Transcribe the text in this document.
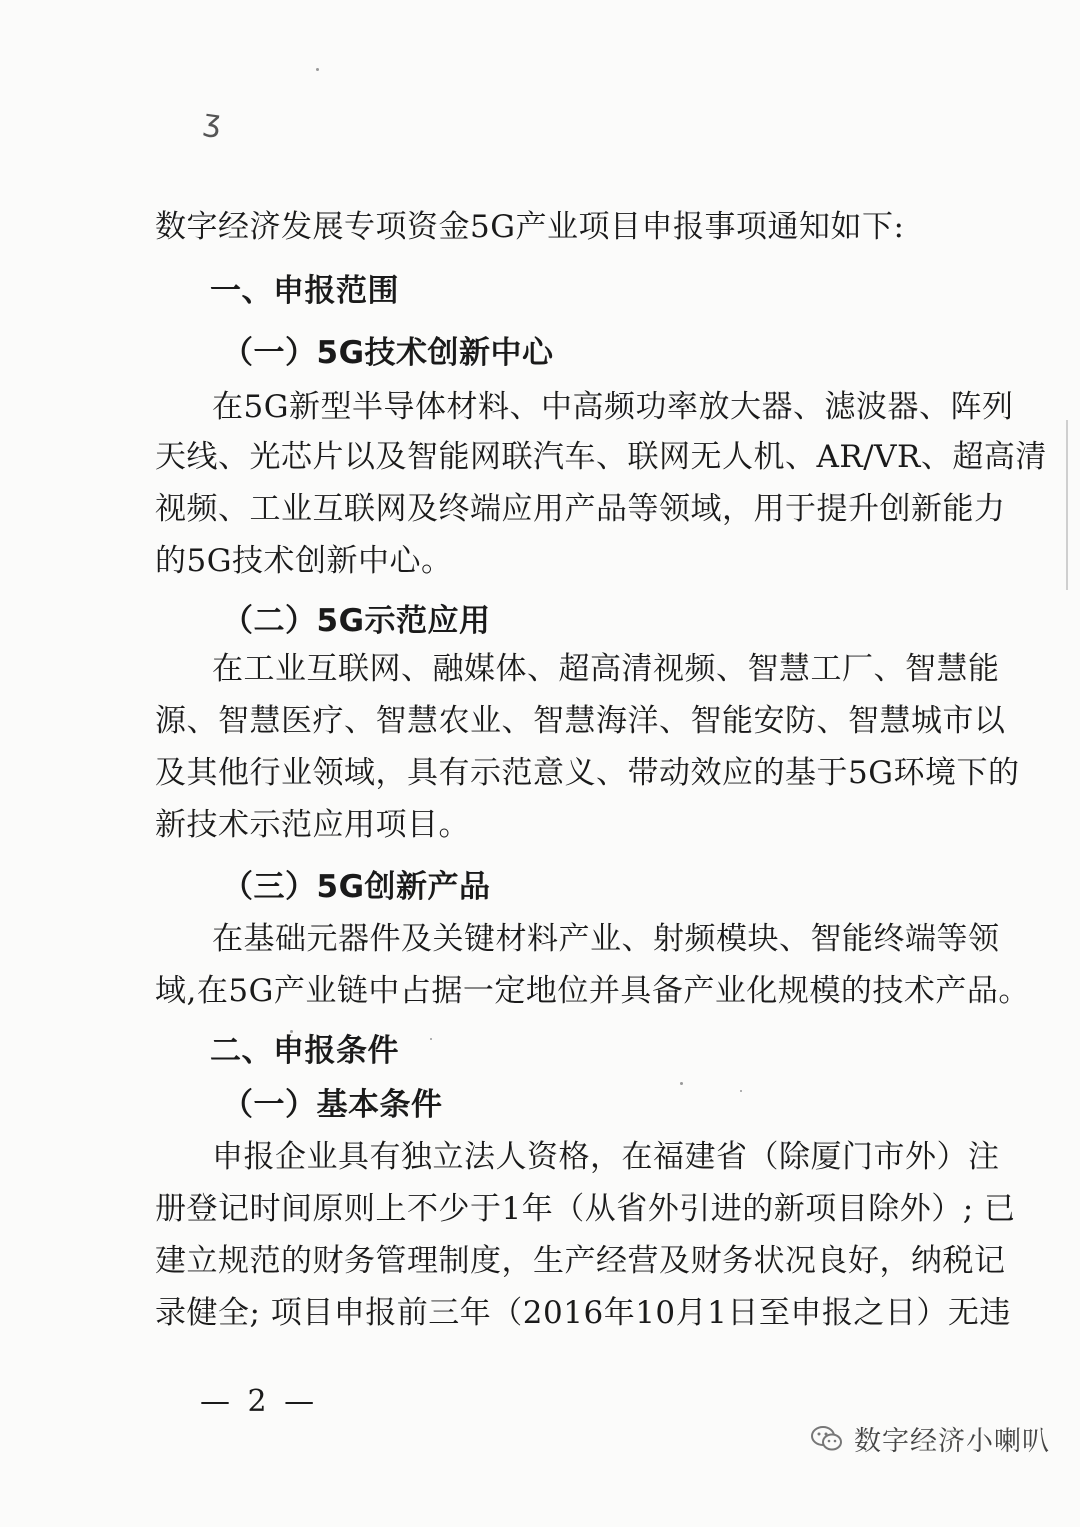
ʒ
数字经济发展专项资金5G产业项目申报事项通知如下:
一、申报范围
（一）5G技术创新中心
在5G新型半导体材料、中高频功率放大器、滤波器、阵列
天线、光芯片以及智能网联汽车、联网无人机、AR/VR、超高清
视频、工业互联网及终端应用产品等领域，用于提升创新能力
的5G技术创新中心。
（二）5G示范应用
在工业互联网、融媒体、超高清视频、智慧工厂、智慧能
源、智慧医疗、智慧农业、智慧海洋、智能安防、智慧城市以
及其他行业领域，具有示范意义、带动效应的基于5G环境下的
新技术示范应用项目。
（三）5G创新产品
在基础元器件及关键材料产业、射频模块、智能终端等领
域,在5G产业链中占据一定地位并具备产业化规模的技术产品。
二、申报条件
（一）基本条件
申报企业具有独立法人资格，在福建省（除厦门市外）注
册登记时间原则上不少于1年（从省外引进的新项目除外）; 已
建立规范的财务管理制度，生产经营及财务状况良好，纳税记
录健全; 项目申报前三年（2016年10月1日至申报之日）无违
— 2 —
数字经济小喇叭
